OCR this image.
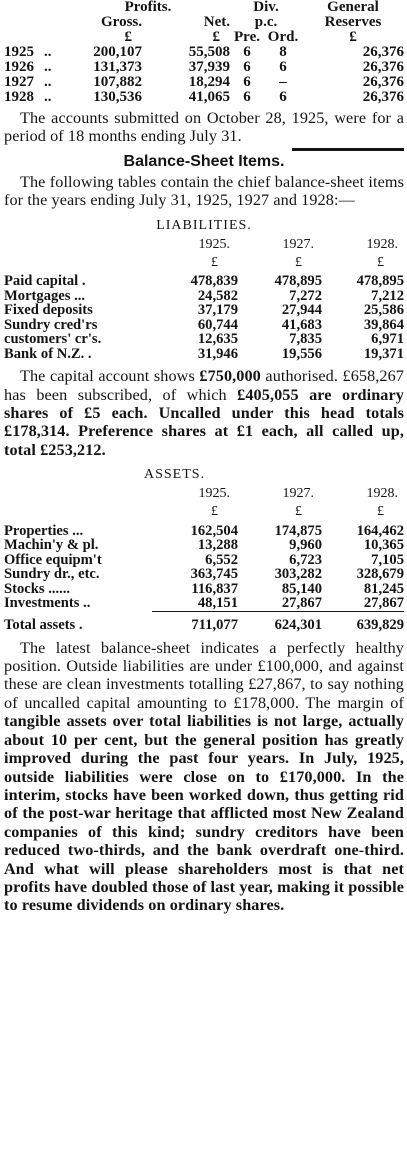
		Profits.		Div.		General
		Gross.	Net.	p.c.		Reserves
		£	£	Pre.	Ord.	£
1925	..	200,107	55,508	6	8	26,376
1926	..	131,373	37,939	6	6	26,376
1927	..	107,882	18,294	6	–	26,376
1928	..	130,536	41,065	6	6	26,376

The accounts submitted on October 28, 1925, were for a period of 18 months ending July 31.

Balance-Sheet Items.

The following tables contain the chief balance-sheet items for the years ending July 31, 1925, 1927 and 1928:—

LIABILITIES.
	1925.	1927.	1928.
	£	£	£
Paid capital .	478,839	478,895	478,895
Mortgages ...	24,582	7,272	7,212
Fixed deposits	37,179	27,944	25,586
Sundry cred'rs	60,744	41,683	39,864
customers' cr's.	12,635	7,835	6,971
Bank of N.Z. .	31,946	19,556	19,371

The capital account shows £750,000 authorised. £658,267 has been subscribed, of which £405,055 are ordinary shares of £5 each. Uncalled under this head totals £178,314. Preference shares at £1 each, all called up, total £253,212.

ASSETS.
	1925.	1927.	1928.
	£	£	£
Properties ...	162,504	174,875	164,462
Machin'y & pl.	13,288	9,960	10,365
Office equipm't	6,552	6,723	7,105
Sundry dr., etc.	363,745	303,282	328,679
Stocks ......	116,837	85,140	81,245
Investments ..	48,151	27,867	27,867

Total assets .	711,077	624,301	639,829

The latest balance-sheet indicates a perfectly healthy position. Outside liabilities are under £100,000, and against these are clean investments totalling £27,867, to say nothing of uncalled capital amounting to £178,000. The margin of tangible assets over total liabilities is not large, actually about 10 per cent, but the general position has greatly improved during the past four years. In July, 1925, outside liabilities were close on to £170,000. In the interim, stocks have been worked down, thus getting rid of the post-war heritage that afflicted most New Zealand companies of this kind; sundry creditors have been reduced two-thirds, and the bank overdraft one-third. And what will please shareholders most is that net profits have doubled those of last year, making it possible to resume dividends on ordinary shares.
